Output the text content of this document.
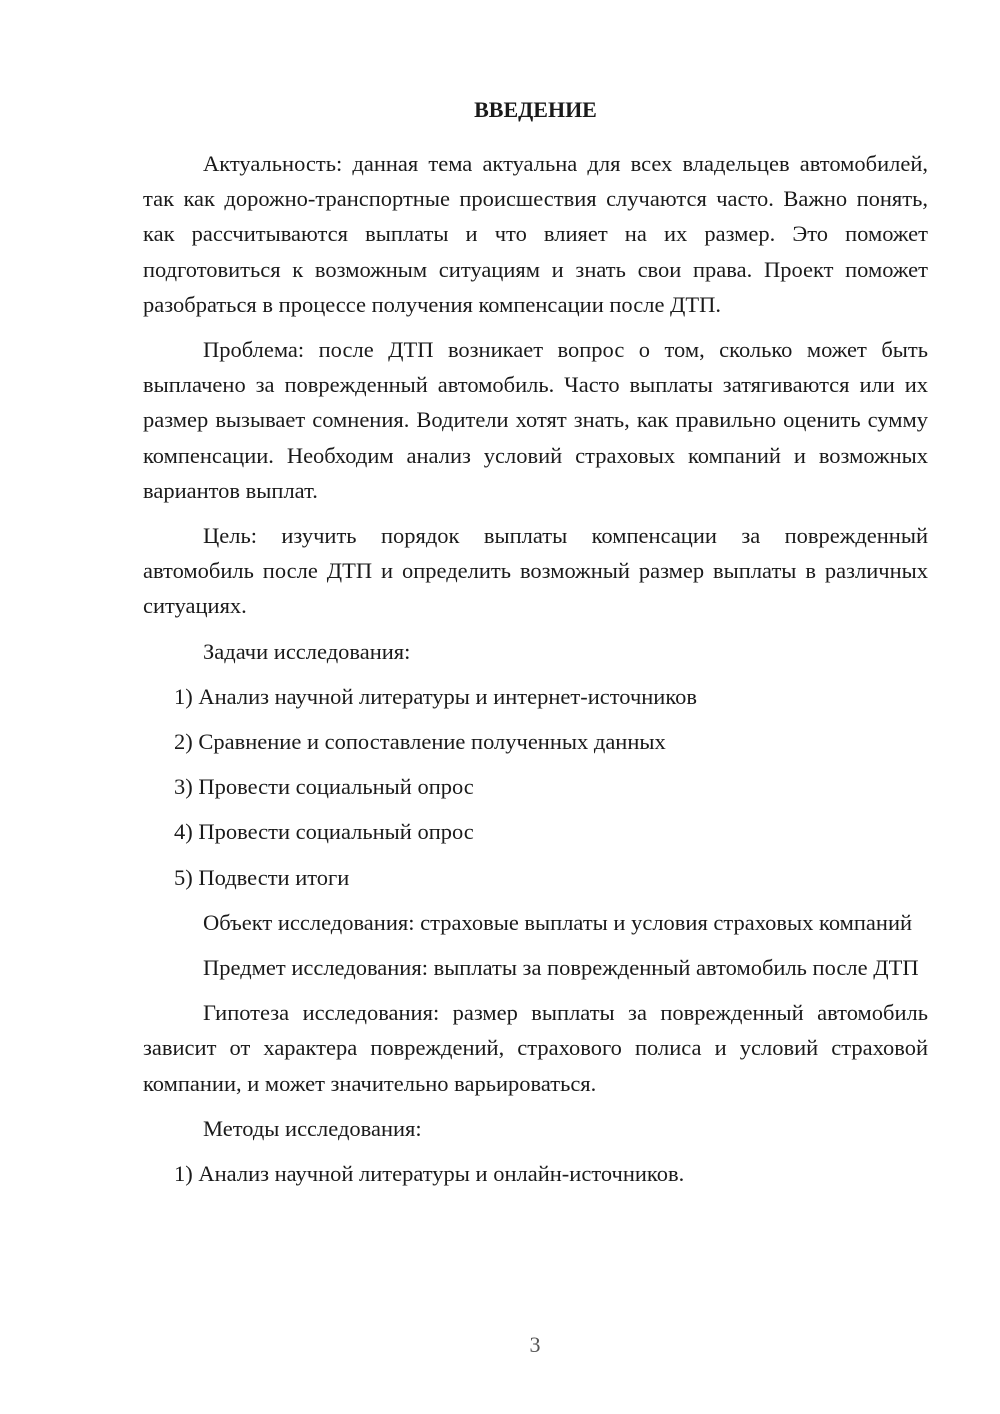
ВВЕДЕНИЕ

Актуальность: данная тема актуальна для всех владельцев автомобилей, так как дорожно-транспортные происшествия случаются часто. Важно понять, как рассчитываются выплаты и что влияет на их размер. Это поможет подготовиться к возможным ситуациям и знать свои права. Проект поможет разобраться в процессе получения компенсации после ДТП.

Проблема: после ДТП возникает вопрос о том, сколько может быть выплачено за поврежденный автомобиль. Часто выплаты затягиваются или их размер вызывает сомнения. Водители хотят знать, как правильно оценить сумму компенсации. Необходим анализ условий страховых компаний и возможных вариантов выплат.

Цель: изучить порядок выплаты компенсации за поврежденный автомобиль после ДТП и определить возможный размер выплаты в различных ситуациях.

Задачи исследования:

1) Анализ научной литературы и интернет-источников

2) Сравнение и сопоставление полученных данных

3) Провести социальный опрос

4) Провести социальный опрос

5) Подвести итоги

Объект исследования: страховые выплаты и условия страховых компаний

Предмет исследования: выплаты за поврежденный автомобиль после ДТП

Гипотеза исследования: размер выплаты за поврежденный автомобиль зависит от характера повреждений, страхового полиса и условий страховой компании, и может значительно варьироваться.

Методы исследования:

1) Анализ научной литературы и онлайн-источников.

3
